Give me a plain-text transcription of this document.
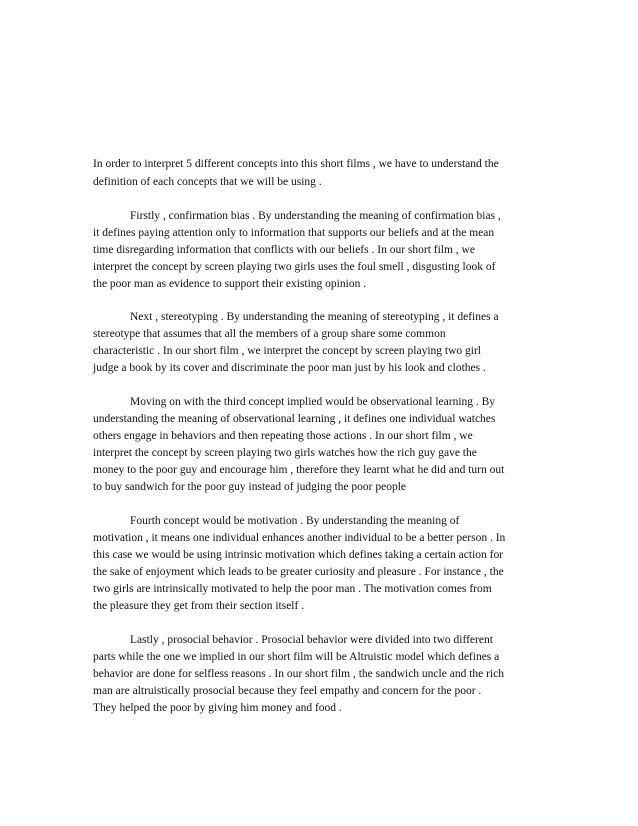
In order to interpret 5 different concepts into this short films , we have to understand the

definition of each concepts that we will be using .

Firstly , confirmation bias . By understanding the meaning of confirmation bias ,

it defines paying attention only to information that supports our beliefs and at the mean

time disregarding information that conflicts with our beliefs . In our short film , we

interpret the concept by screen playing two girls uses the foul smell , disgusting look of

the poor man as evidence to support their existing opinion .

Next , stereotyping . By understanding the meaning of stereotyping , it defines a

stereotype that assumes that all the members of a group share some common

characteristic . In our short film , we interpret the concept by screen playing two girl

judge a book by its cover and discriminate the poor man just by his look and clothes .

Moving on with the third concept implied would be observational learning . By

understanding the meaning of observational learning , it defines one individual watches

others engage in behaviors and then repeating those actions . In our short film , we

interpret the concept by screen playing two girls watches how the rich guy gave the

money to the poor guy and encourage him , therefore they learnt what he did and turn out

to buy sandwich for the poor guy instead of judging the poor people

Fourth concept would be motivation . By understanding the meaning of

motivation , it means one individual enhances another individual to be a better person . In

this case we would be using intrinsic motivation which defines taking a certain action for

the sake of enjoyment which leads to be greater curiosity and pleasure . For instance , the

two girls are intrinsically motivated to help the poor man . The motivation comes from

the pleasure they get from their section itself .

Lastly , prosocial behavior . Prosocial behavior were divided into two different

parts while the one we implied in our short film will be Altruistic model which defines a

behavior are done for selfless reasons . In our short film , the sandwich uncle and the rich

man are altruistically prosocial because they feel empathy and concern for the poor .

They helped the poor by giving him money and food .
